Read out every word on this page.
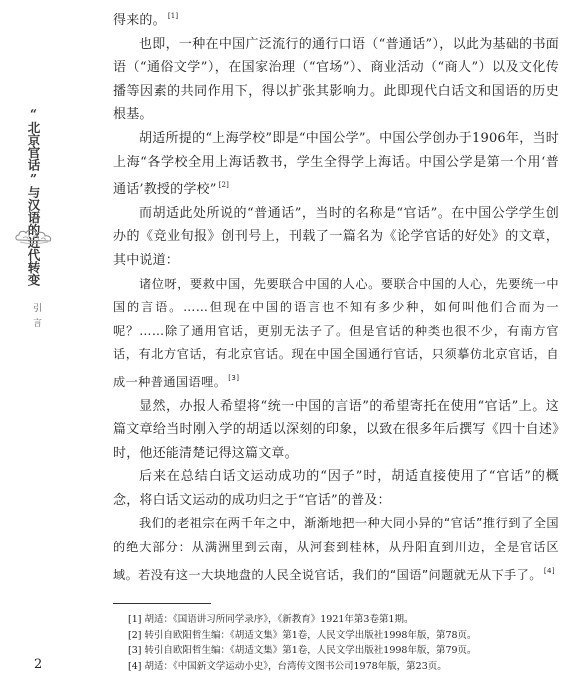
“北京官话”与汉语的近代转变
引言

得来的。 [1]

也即，一种在中国广泛流行的通行口语（“普通话”），以此为基础的书面语（“通俗文学”），在国家治理（“官场”）、商业活动（“商人”）以及文化传播等因素的共同作用下，得以扩张其影响力。此即现代白话文和国语的历史根基。

胡适所提的“上海学校”即是“中国公学”。中国公学创办于1906年，当时上海“各学校全用上海话教书，学生全得学上海话。中国公学是第一个用‘普通话’教授的学校” [2]

而胡适此处所说的“普通话”，当时的名称是“官话”。在中国公学学生创办的《竞业旬报》创刊号上，刊载了一篇名为《论学官话的好处》的文章，其中说道：

诸位呀，要救中国，先要联合中国的人心。要联合中国的人心，先要统一中国的言语。……但现在中国的语言也不知有多少种，如何叫他们合而为一呢？……除了通用官话，更别无法子了。但是官话的种类也很不少，有南方官话，有北方官话，有北京官话。现在中国全国通行官话，只须摹仿北京官话，自成一种普通国语哩。 [3]

显然，办报人希望将“统一中国的言语”的希望寄托在使用“官话”上。这篇文章给当时刚入学的胡适以深刻的印象，以致在很多年后撰写《四十自述》时，他还能清楚记得这篇文章。

后来在总结白话文运动成功的“因子”时，胡适直接使用了“官话”的概念，将白话文运动的成功归之于“官话”的普及：

我们的老祖宗在两千年之中，渐渐地把一种大同小异的“官话”推行到了全国的绝大部分：从满洲里到云南，从河套到桂林，从丹阳直到川边，全是官话区域。若没有这一大块地盘的人民全说官话，我们的“国语”问题就无从下手了。 [4]

[1] 胡适：《国语讲习所同学录序》，《新教育》1921年第3卷第1期。
[2] 转引自欧阳哲生编：《胡适文集》第1卷，人民文学出版社1998年版，第78页。
[3] 转引自欧阳哲生编：《胡适文集》第1卷，人民文学出版社1998年版，第79页。
[4] 胡适：《中国新文学运动小史》，台湾传文图书公司1978年版，第23页。
2
